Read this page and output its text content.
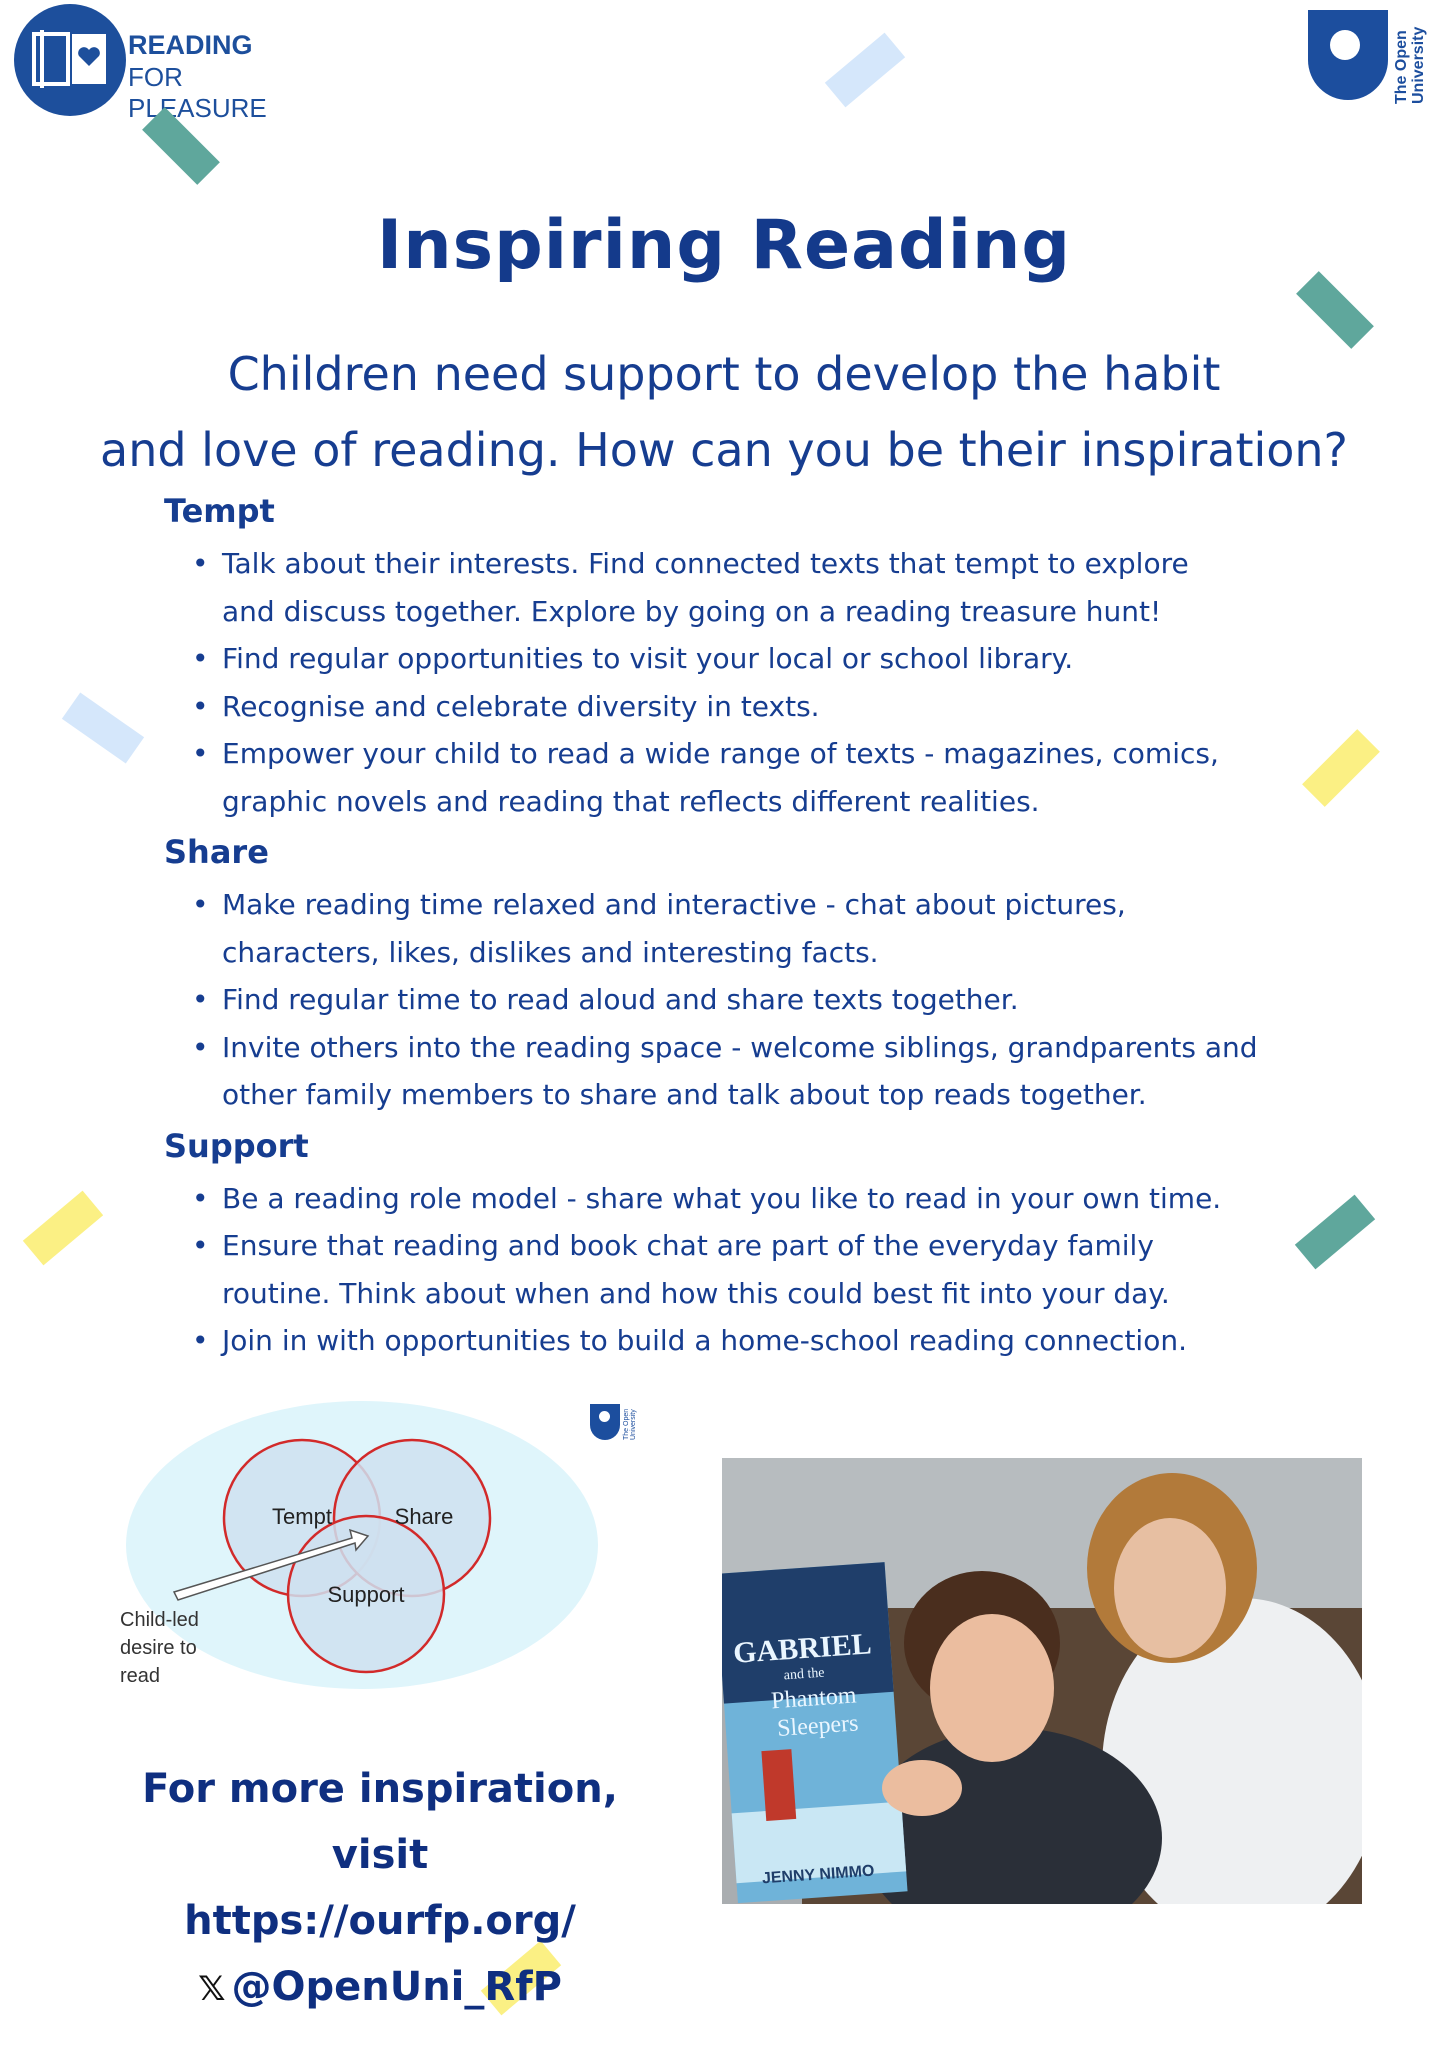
READING
FOR PLEASURE
The Open University
Inspiring Reading
Children need support to develop the habit
and love of reading. How can you be their inspiration?
Tempt
• Talk about their interests. Find connected texts that tempt to explore
and discuss together. Explore by going on a reading treasure hunt!
• Find regular opportunities to visit your local or school library.
• Recognise and celebrate diversity in texts.
• Empower your child to read a wide range of texts - magazines, comics,
graphic novels and reading that reflects different realities.
Share
• Make reading time relaxed and interactive - chat about pictures,
characters, likes, dislikes and interesting facts.
• Find regular time to read aloud and share texts together.
• Invite others into the reading space - welcome siblings, grandparents and
other family members to share and talk about top reads together.
Support
• Be a reading role model - share what you like to read in your own time.
• Ensure that reading and book chat are part of the everyday family
routine. Think about when and how this could best fit into your day.
• Join in with opportunities to build a home-school reading connection.
Tempt	Share
Support
Child-led
desire to
read
The Open University
For more inspiration, visit
https://ourfp.org/
𝕏 @OpenUni_RfP
GABRIEL
and the
Phantom
Sleepers
JENNY NIMMO
